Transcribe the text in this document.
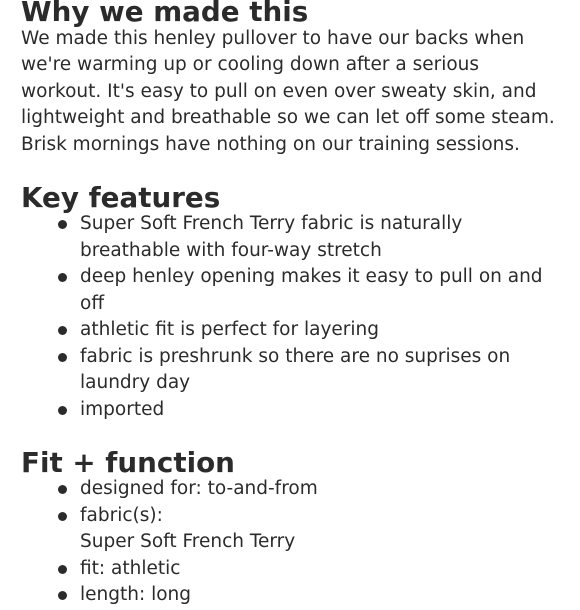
Why we made this

We made this henley pullover to have our backs when we're warming up or cooling down after a serious workout. It's easy to pull on even over sweaty skin, and lightweight and breathable so we can let off some steam. Brisk mornings have nothing on our training sessions.

Key features
Super Soft French Terry fabric is naturally breathable with four-way stretch
deep henley opening makes it easy to pull on and off
athletic fit is perfect for layering
fabric is preshrunk so there are no suprises on laundry day
imported
Fit + function
designed for: to-and-from
fabric(s):
Super Soft French Terry
fit: athletic
length: long
